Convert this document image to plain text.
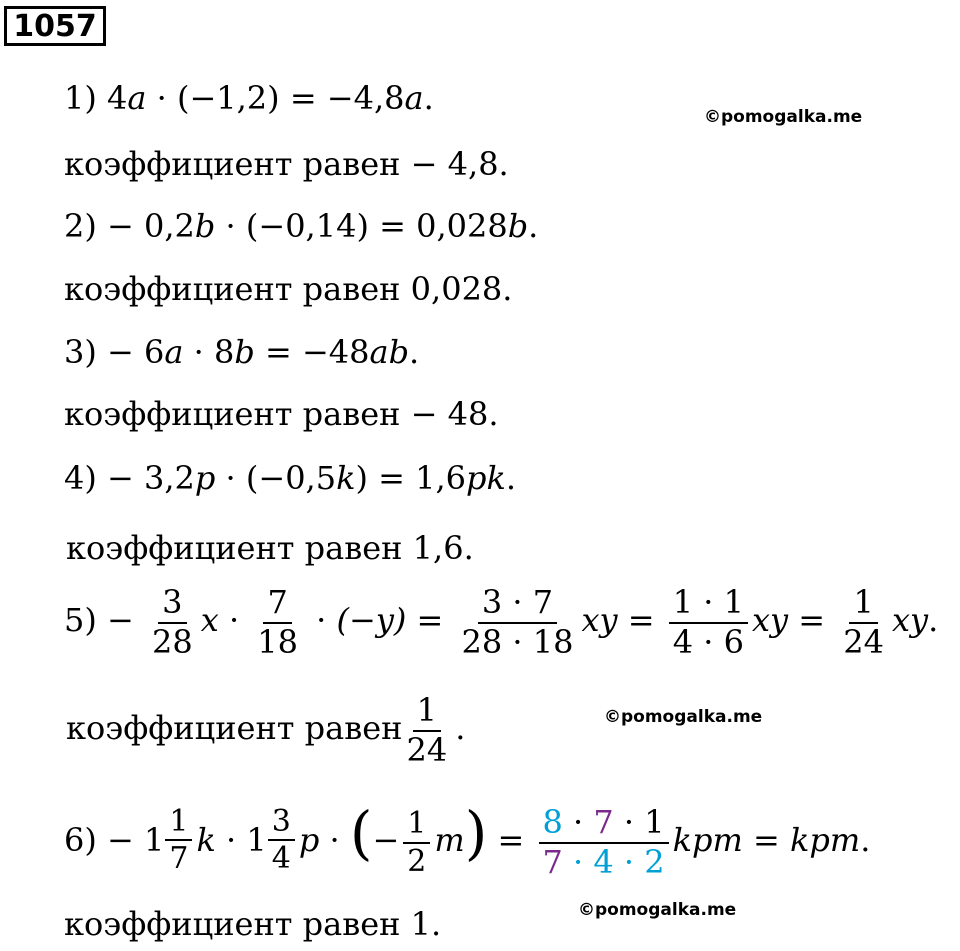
1057
©pomogalka.me
©pomogalka.me
©pomogalka.me
1) 4a · (−1,2) = −4,8a.
коэффициент равен − 4,8.
2) − 0,2b · (−0,14) = 0,028b.
коэффициент равен 0,028.
3) − 6a · 8b = −48ab.
коэффициент равен − 48.
4) − 3,2p · (−0,5k) = 1,6pk.
коэффициент равен 1,6.
$5) - \frac{3}{28}$ $x \cdot \frac{7}{18} \cdot (-y) = \frac{3 \cdot 7}{28 \cdot 18}$ xy = $\frac{1 \cdot 1}{4 \cdot 6}$ xy = $\frac{1}{24}$ xy.
коэффициент равен $\frac{1}{24}$ .
$6) - 1 \frac{1}{7}$ $k \cdot 1 \frac{3}{4}$ p · (− $\frac{1}{2} m) = \frac{8 \cdot 7 \cdot 1}{7 \cdot 4 \cdot 2}$ kpm = kpm.
коэффициент равен 1.
